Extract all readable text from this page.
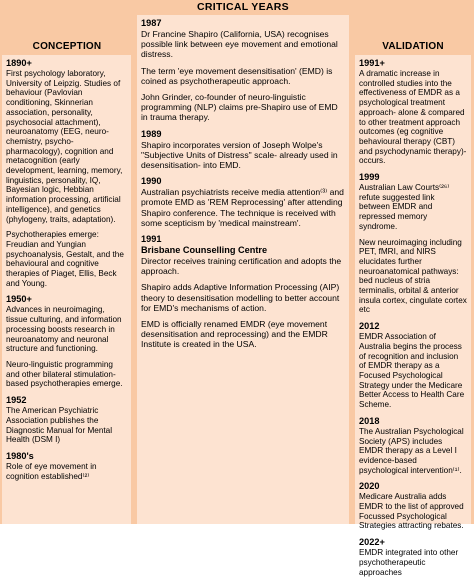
CRITICAL YEARS
CONCEPTION	VALIDATION
1890+

First psychology laboratory, University of Leipzig. Studies of behaviour (Pavlovian conditioning, Skinnerian association, personality, psychosocial attachment), neuroanatomy (EEG, neuro-chemistry, psycho-pharmacology), cognition and metacognition (early development, learning, memory, linguistics, personality, IQ, Bayesian logic, Hebbian information processing, artificial intelligence), and genetics (phylogeny, traits, adaptation).

Psychotherapies emerge: Freudian and Yungian psychoanalysis, Gestalt, and the behavioural and cognitive therapies of Piaget, Ellis, Beck and Young.

1950+

Advances in neuroimaging, tissue culturing, and information processing boosts research in neuroanatomy and neuronal structure and functioning.

Neuro-linguistic programming and other bilateral stimulation-based psychotherapies emerge.

1952

The American Psychiatric Association publishes the Diagnostic Manual for Mental Health (DSM I)

1980's

Role of eye movement in cognition established⁽²⁾

1987

Dr Francine Shapiro (California, USA) recognises possible link between eye movement and emotional distress.

The term 'eye movement desensitisation' (EMD) is coined as psychotherapeutic approach.

John Grinder, co-founder of neuro-linguistic programming (NLP) claims pre-Shapiro use of EMD in trauma therapy.

1989

Shapiro incorporates version of Joseph Wolpe's "Subjective Units of Distress" scale- already used in desensitisation- into EMD.

1990

Australian psychiatrists receive media attention⁽³⁾ and promote EMD as 'REM Reprocessing' after attending Shapiro conference. The technique is received with some scepticism by 'medical mainstream'.

1991
Brisbane Counselling Centre

Director receives training certification and adopts the approach.

Shapiro adds Adaptive Information Processing (AIP) theory to desensitisation modelling to better account for EMD's mechanisms of action.

EMD is officially renamed EMDR (eye movement desensitisation and reprocessing) and the EMDR Institute is created in the USA.

1991+

A dramatic increase in controlled studies into the effectiveness of EMDR as a psychological treatment approach- alone & compared to other treatment approach outcomes (eg cognitive behavioural therapy (CBT) and psychodynamic therapy)- occurs.

1999

Australian Law Courts⁽²⁶⁾ refute suggested link between EMDR and repressed memory syndrome.

New neuroimaging including PET, fMRI, and NIRS elucidates further neuroanatomical pathways: bed nucleus of stria terminalis, orbital & anterior insula cortex, cingulate cortex etc

2012

EMDR Association of Australia begins the process of recognition and inclusion of EMDR therapy as a Focused Psychological Strategy under the Medicare Better Access to Health Care Scheme.

2018

The Australian Psychological Society (APS) includes EMDR therapy as a Level I evidence-based psychological intervention⁽¹⁾.

2020

Medicare Australia adds EMDR to the list of approved Focussed Psychological Strategies attracting rebates.

2022+

EMDR integrated into other psychotherapeutic approaches
